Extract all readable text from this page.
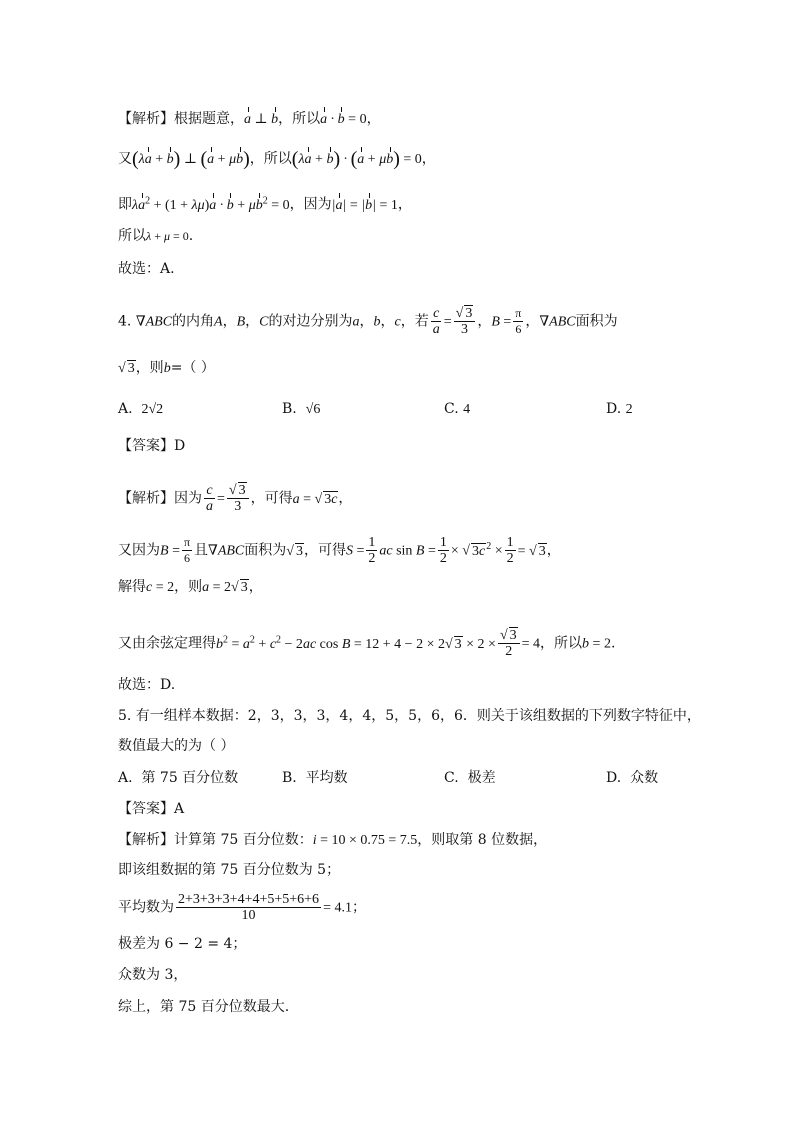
【解析】根据题意，a ⊥ b，所以a · b = 0，
又(λa + b) ⊥ (a + μb)，所以(λa + b) · (a + μb) = 0，
即$\lambda a^2 + (1 + \lambda\mu)a \cdot b + \mu b^2 = 0$，因为|a| = |b| = 1，
所以λ + μ = 0.
故选：A.
4. ∇ABC的内角A，B，C的对边分别为a，b，c，若 $\frac{c}{a} = \frac{√ 3}{3}$ ，$B = \frac{\pi}{6}$ ，∇ABC面积为
√ 3，则b=（ ）
A. 2√2	B. √6	C. 4	D. 2
【答案】D
【解析】因为 $\frac{c}{a} = \frac{√ 3}{3}$ ，可得a = √ 3c，
又因为$B = \frac{\pi}{6}$ 且∇ABC面积为√ 3，可得$S = \frac{1}{2}$ ac $\sin B = \frac{1}{2}$ × √ $3c^2 \times \frac{1}{2}$ = √ 3，
解得c = 2，则a = 2√ 3，
又由余弦定理得$b^2 = a^2 + c^2 - 2ac$ cos B = 12 + 4 − 2 × 2√ $3 \times 2 \times \frac{√ 3}{2} = 4$，所以b = 2.
故选：D.
5. 有一组样本数据：2，3，3，3，4，4，5，5，6，6．则关于该组数据的下列数字特征中，
数值最大的为（ ）
A. 第 75 百分位数	B. 平均数	C. 极差	D. 众数
【答案】A
【解析】计算第 75 百分位数：i = 10 × 0.75 = 7.5，则取第 8 位数据，
即该组数据的第 75 百分位数为 5；
平均数为 $\frac{2+3+3+3+4+4+5+5+6+6}{10} = 4.1$；
极差为 6 − 2 = 4；
众数为 3，
综上，第 75 百分位数最大.
